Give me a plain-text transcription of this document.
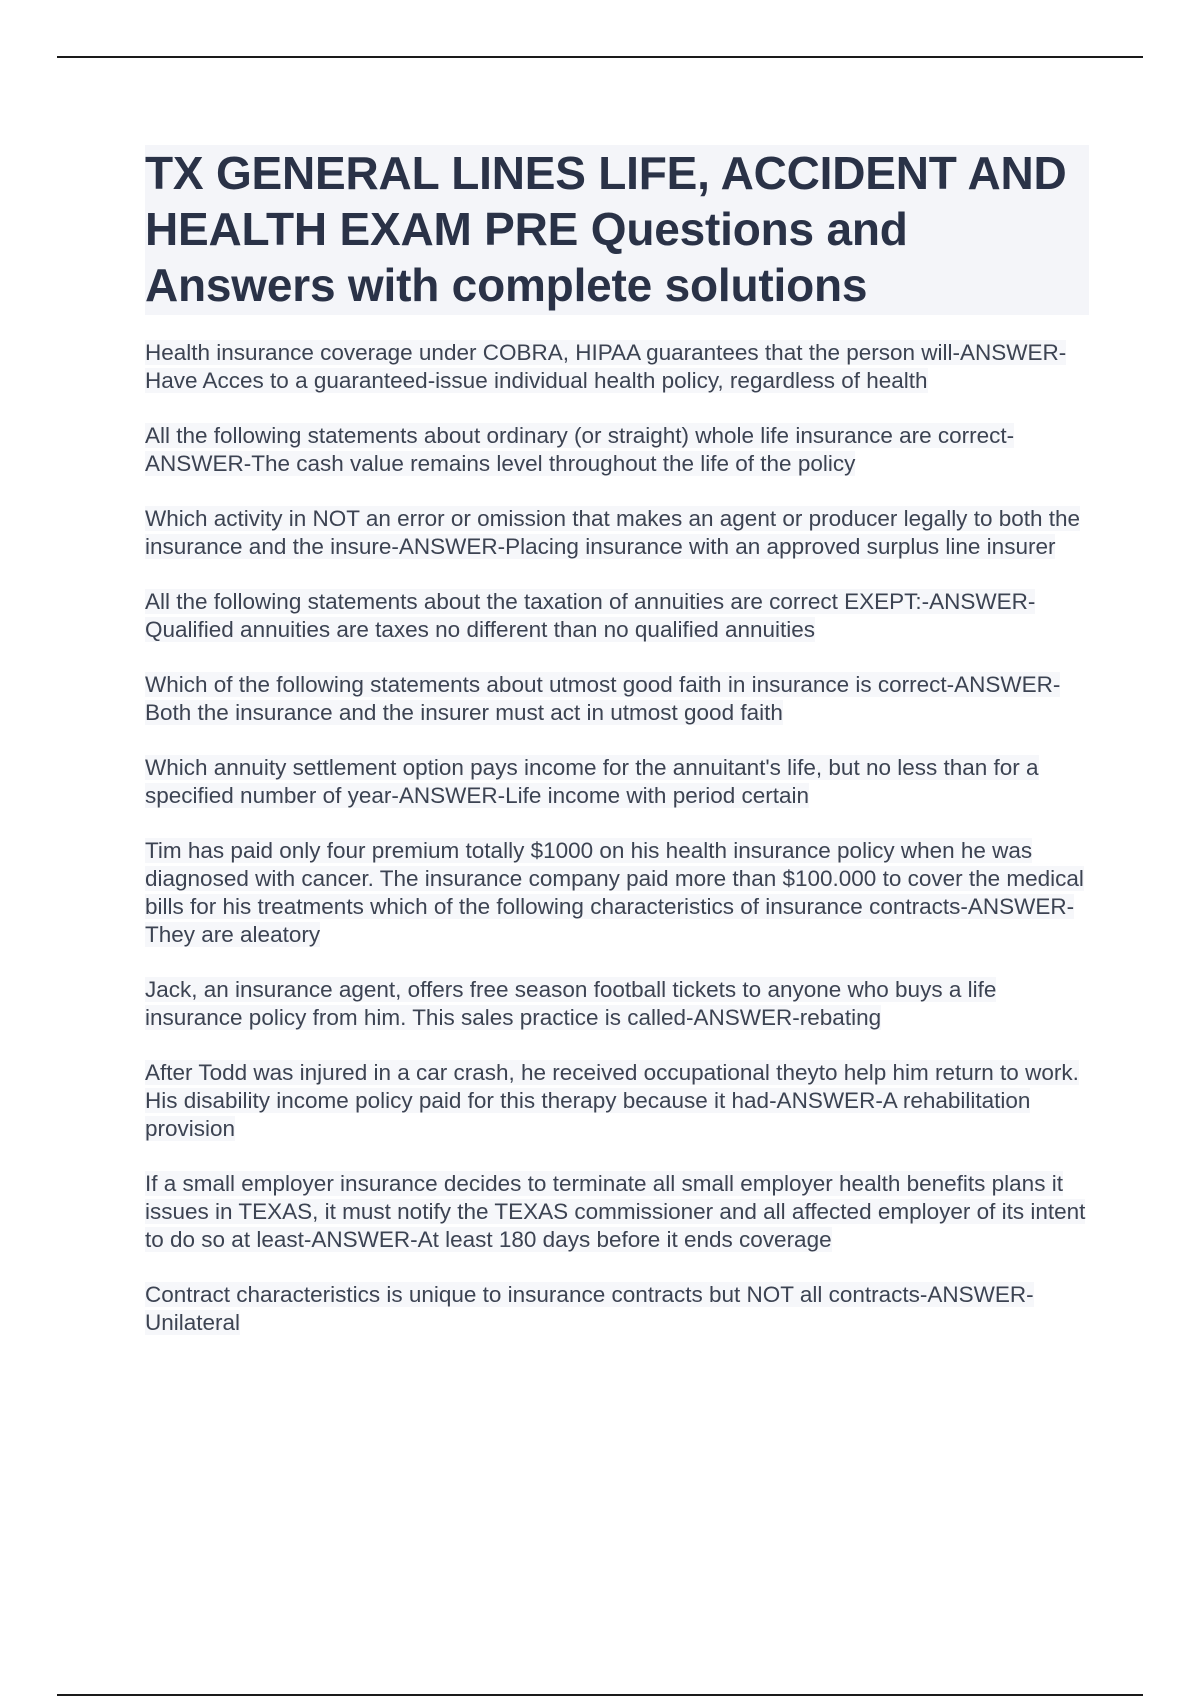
TX GENERAL LINES LIFE, ACCIDENT AND HEALTH EXAM PRE Questions and Answers with complete solutions
Health insurance coverage under COBRA, HIPAA guarantees that the person will-ANSWER-Have Acces to a guaranteed-issue individual health policy, regardless of health
All the following statements about ordinary (or straight) whole life insurance are correct-ANSWER-The cash value remains level throughout the life of the policy
Which activity in NOT an error or omission that makes an agent or producer legally to both the insurance and the insure-ANSWER-Placing insurance with an approved surplus line insurer
All the following statements about the taxation of annuities are correct EXEPT:-ANSWER-Qualified annuities are taxes no different than no qualified annuities
Which of the following statements about utmost good faith in insurance is correct-ANSWER-Both the insurance and the insurer must act in utmost good faith
Which annuity settlement option pays income for the annuitant's life, but no less than for a specified number of year-ANSWER-Life income with period certain
Tim has paid only four premium totally $1000 on his health insurance policy when he was diagnosed with cancer. The insurance company paid more than $100.000 to cover the medical bills for his treatments which of the following characteristics of insurance contracts-ANSWER-They are aleatory
Jack, an insurance agent, offers free season football tickets to anyone who buys a life insurance policy from him. This sales practice is called-ANSWER-rebating
After Todd was injured in a car crash, he received occupational theyto help him return to work. His disability income policy paid for this therapy because it had-ANSWER-A rehabilitation provision
If a small employer insurance decides to terminate all small employer health benefits plans it issues in TEXAS, it must notify the TEXAS commissioner and all affected employer of its intent to do so at least-ANSWER-At least 180 days before it ends coverage
Contract characteristics is unique to insurance contracts but NOT all contracts-ANSWER-Unilateral
